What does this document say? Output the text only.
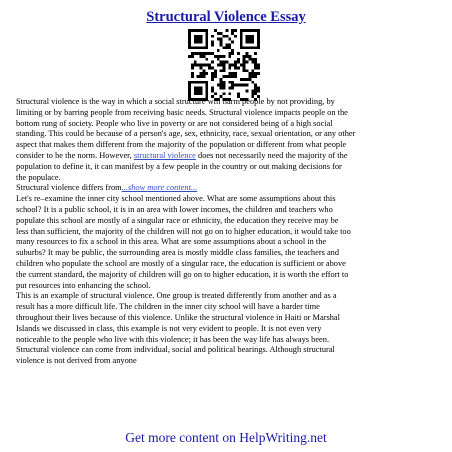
Structural Violence Essay
Structural violence is the way in which a social structure will harm people by not providing, by
limiting or by barring people from receiving basic needs. Structural violence impacts people on the
bottom rung of society. People who live in poverty or are not considered being of a high social
standing. This could be because of a person's age, sex, ethnicity, race, sexual orientation, or any other
aspect that makes them different from the majority of the population or different from what people
consider to be the norm. However, structural violence does not necessarily need the majority of the
population to define it, it can manifest by a few people in the country or out making decisions for
the populace.
Structural violence differs from...show more content...
Let's re–examine the inner city school mentioned above. What are some assumptions about this
school? It is a public school, it is in an area with lower incomes, the children and teachers who
populate this school are mostly of a singular race or ethnicity, the education they receive may be
less than sufficient, the majority of the children will not go on to higher education, it would take too
many resources to fix a school in this area. What are some assumptions about a school in the
suburbs? It may be public, the surrounding area is mostly middle class families, the teachers and
children who populate the school are mostly of a singular race, the education is sufficient or above
the current standard, the majority of children will go on to higher education, it is worth the effort to
put resources into enhancing the school.
This is an example of structural violence. One group is treated differently from another and as a
result has a more difficult life. The children in the inner city school will have a harder time
throughout their lives because of this violence. Unlike the structural violence in Haiti or Marshal
Islands we discussed in class, this example is not very evident to people. It is not even very
noticeable to the people who live with this violence; it has been the way life has always been.
Structural violence can come from individual, social and political bearings. Although structural
violence is not derived from anyone
Get more content on HelpWriting.net
